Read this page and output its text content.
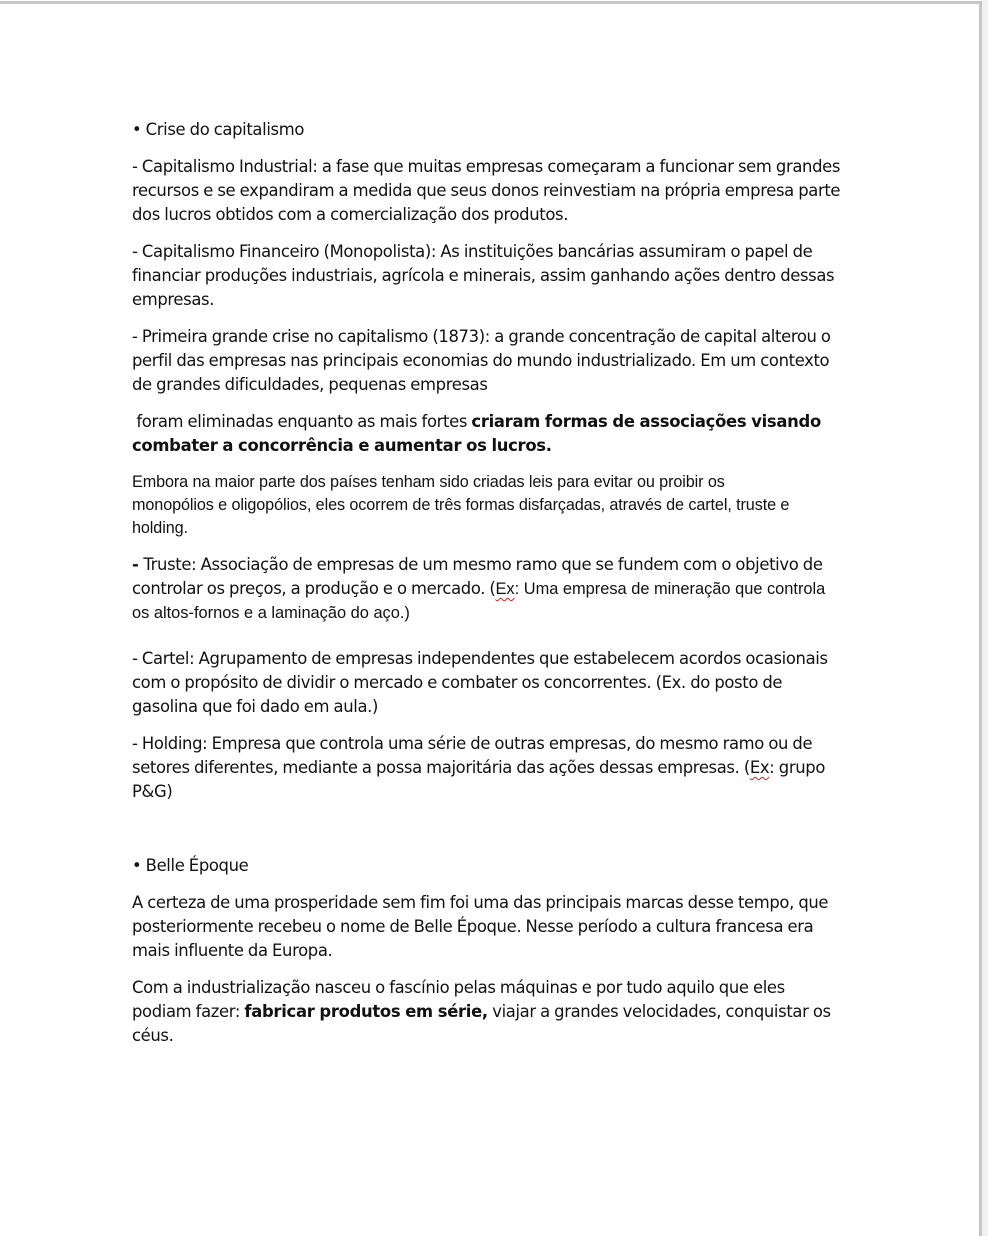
• Crise do capitalismo

- Capitalismo Industrial: a fase que muitas empresas começaram a funcionar sem grandes recursos e se expandiram a medida que seus donos reinvestiam na própria empresa parte dos lucros obtidos com a comercialização dos produtos.

- Capitalismo Financeiro (Monopolista): As instituições bancárias assumiram o papel de financiar produções industriais, agrícola e minerais, assim ganhando ações dentro dessas empresas.

- Primeira grande crise no capitalismo (1873): a grande concentração de capital alterou o perfil das empresas nas principais economias do mundo industrializado. Em um contexto de grandes dificuldades, pequenas empresas

foram eliminadas enquanto as mais fortes criaram formas de associações visando combater a concorrência e aumentar os lucros.

Embora na maior parte dos países tenham sido criadas leis para evitar ou proibir os monopólios e oligopólios, eles ocorrem de três formas disfarçadas, através de cartel, truste e holding.

- Truste: Associação de empresas de um mesmo ramo que se fundem com o objetivo de controlar os preços, a produção e o mercado. (Ex: Uma empresa de mineração que controla os altos-fornos e a laminação do aço.)

- Cartel: Agrupamento de empresas independentes que estabelecem acordos ocasionais com o propósito de dividir o mercado e combater os concorrentes. (Ex. do posto de gasolina que foi dado em aula.)

- Holding: Empresa que controla uma série de outras empresas, do mesmo ramo ou de setores diferentes, mediante a possa majoritária das ações dessas empresas. (Ex: grupo P&G)

• Belle Époque

A certeza de uma prosperidade sem fim foi uma das principais marcas desse tempo, que posteriormente recebeu o nome de Belle Époque. Nesse período a cultura francesa era mais influente da Europa.

Com a industrialização nasceu o fascínio pelas máquinas e por tudo aquilo que eles podiam fazer: fabricar produtos em série, viajar a grandes velocidades, conquistar os céus.
